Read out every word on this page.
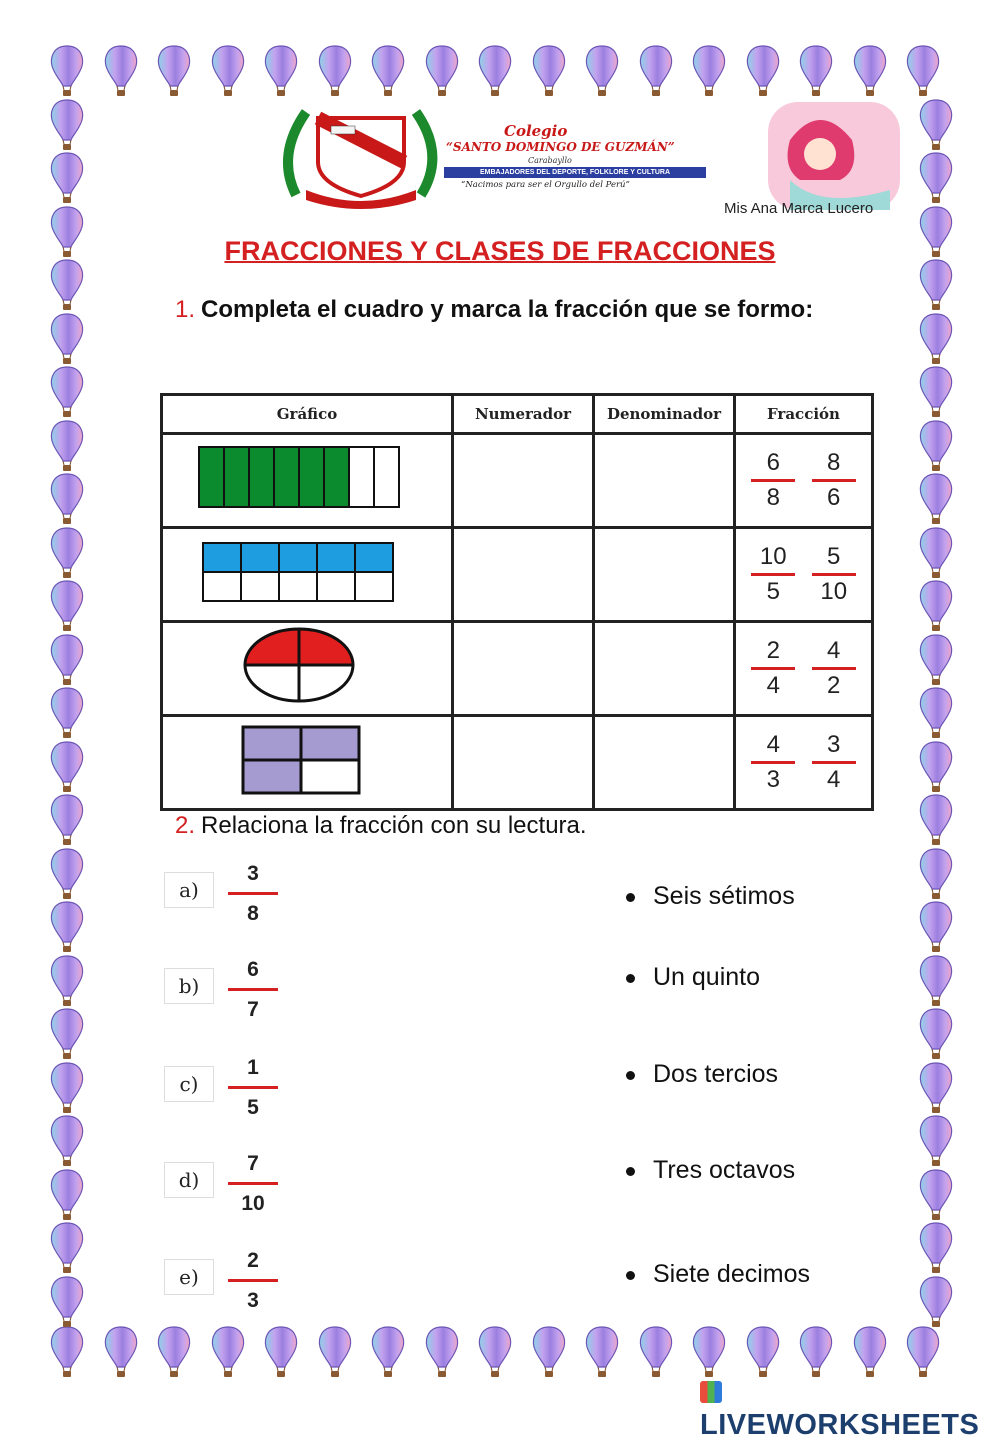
Colegio
“SANTO DOMINGO DE GUZMÁN”
Carabayllo
EMBAJADORES DEL DEPORTE, FOLKLORE Y CULTURA
“Nacimos para ser el Orgullo del Perú”
Mis Ana Marca Lucero
FRACCIONES Y CLASES DE FRACCIONES
1. Completa el cuadro y marca la fracción que se formo:
Gráfico	Numerador	Denominador	Fracción
			$\frac{6}{8} \frac{8}{6}$
			$\frac{10}{5} \frac{5}{10}$
			$\frac{2}{4} \frac{4}{2}$
			$\frac{4}{3} \frac{3}{4}$
2. Relaciona la fracción con su lectura.
a)
3
8
b)
6
7
c)
1
5
d)
7
10
e)
2
3
Seis sétimos
Un quinto
Dos tercios
Tres octavos
Siete decimos
LIVEWORKSHEETS
